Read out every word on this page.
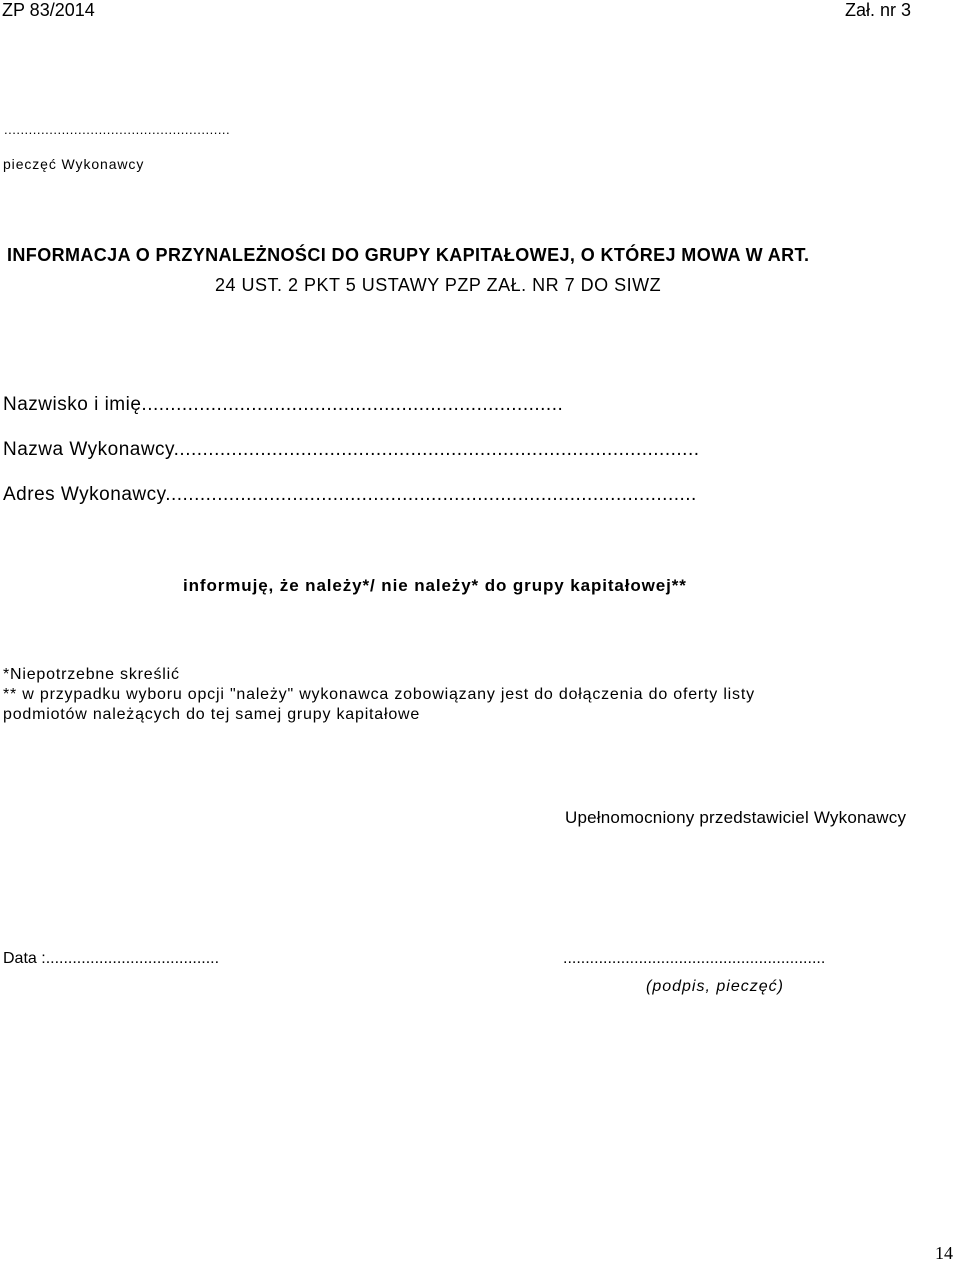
ZP 83/2014	Zał. nr 3
.......................................................
pieczęć Wykonawcy
INFORMACJA O PRZYNALEŻNOŚCI DO GRUPY KAPITAŁOWEJ, O KTÓREJ MOWA W ART.
24 UST. 2 PKT 5 USTAWY PZP ZAŁ. NR 7 DO SIWZ
Nazwisko i imię.........................................................................
Nazwa Wykonawcy...........................................................................................
Adres Wykonawcy............................................................................................
informuję, że należy*/ nie należy* do grupy kapitałowej**
*Niepotrzebne skreślić
** w przypadku wyboru opcji "należy" wykonawca zobowiązany jest do dołączenia do oferty listy
podmiotów należących do tej samej grupy kapitałowe
Upełnomocniony przedstawiciel Wykonawcy
Data :.......................................	...........................................................
(podpis, pieczęć)
14
